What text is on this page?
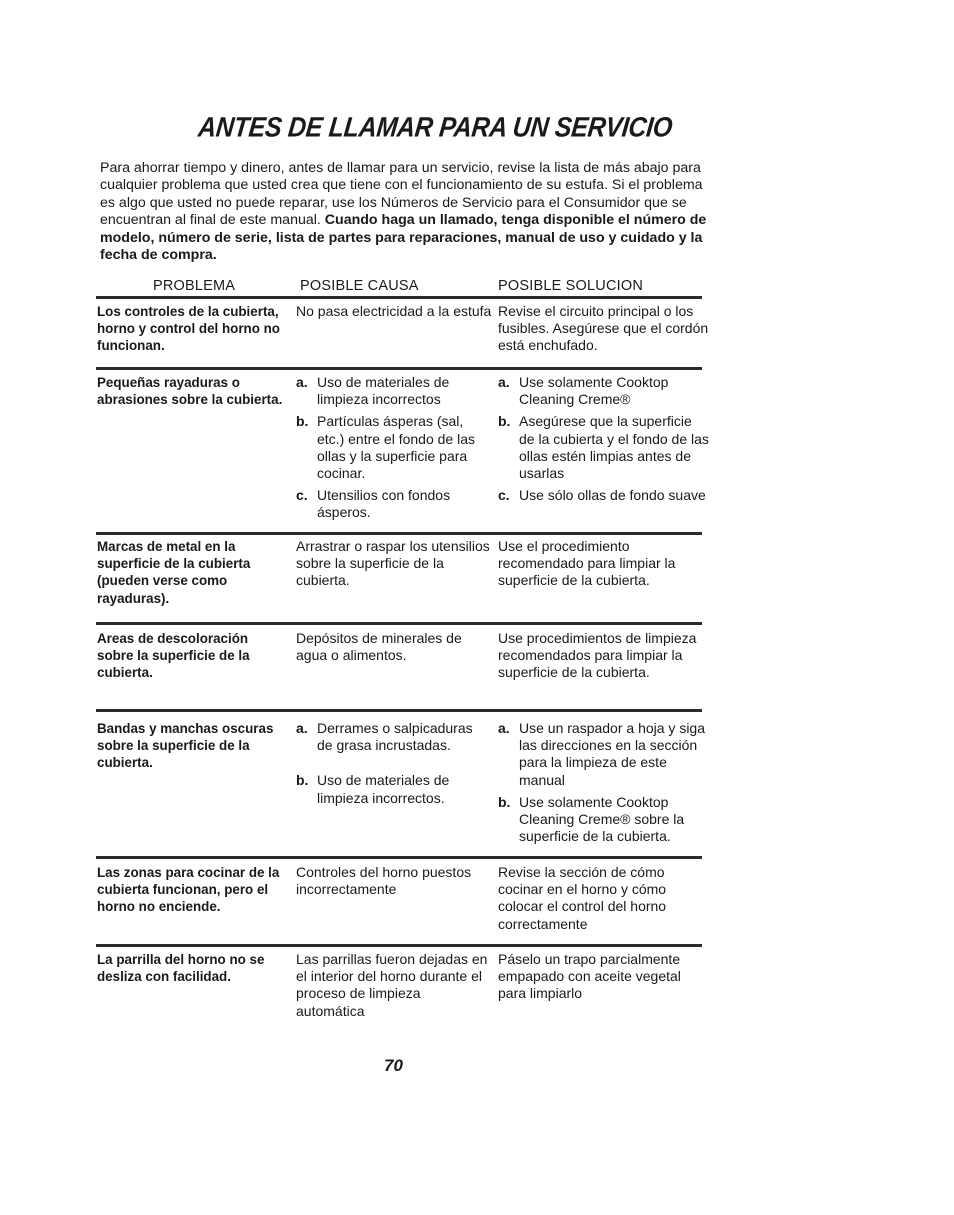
ANTES DE LLAMAR PARA UN SERVICIO
Para ahorrar tiempo y dinero, antes de llamar para un servicio, revise la lista de más abajo para cualquier problema que usted crea que tiene con el funcionamiento de su estufa. Si el problema es algo que usted no puede reparar, use los Números de Servicio para el Consumidor que se encuentran al final de este manual. Cuando haga un llamado, tenga disponible el número de modelo, número de serie, lista de partes para reparaciones, manual de uso y cuidado y la fecha de compra.
PROBLEMA	POSIBLE CAUSA	POSIBLE SOLUCION
Los controles de la cubierta, horno y control del horno no funcionan.
No pasa electricidad a la estufa Revise el circuito principal o los fusibles. Asegúrese que el cordón está enchufado.
Pequeñas rayaduras o abrasiones sobre la cubierta.
a. Uso de materiales de limpieza incorrectos
b. Partículas ásperas (sal, etc.) entre el fondo de las ollas y la superficie para cocinar.
c. Utensilios con fondos ásperos.
a. Use solamente Cooktop Cleaning Creme®
b. Asegúrese que la superficie de la cubierta y el fondo de las ollas estén limpias antes de usarlas
c. Use sólo ollas de fondo suave
Marcas de metal en la superficie de la cubierta (pueden verse como rayaduras).
Arrastrar o raspar los utensilios sobre la superficie de la cubierta.
Use el procedimiento recomendado para limpiar la superficie de la cubierta.
Areas de descoloración sobre la superficie de la cubierta.
Depósitos de minerales de agua o alimentos.
Use procedimientos de limpieza recomendados para limpiar la superficie de la cubierta.
Bandas y manchas oscuras sobre la superficie de la cubierta.
a. Derrames o salpicaduras de grasa incrustadas.
b. Uso de materiales de limpieza incorrectos.
a. Use un raspador a hoja y siga las direcciones en la sección para la limpieza de este manual
b. Use solamente Cooktop Cleaning Creme® sobre la superficie de la cubierta.
Las zonas para cocinar de la cubierta funcionan, pero el horno no enciende.
Controles del horno puestos incorrectamente
Revise la sección de cómo cocinar en el horno y cómo colocar el control del horno correctamente
La parrilla del horno no se desliza con facilidad.
Las parrillas fueron dejadas en el interior del horno durante el proceso de limpieza automática
Páselo un trapo parcialmente empapado con aceite vegetal para limpiarlo
70
